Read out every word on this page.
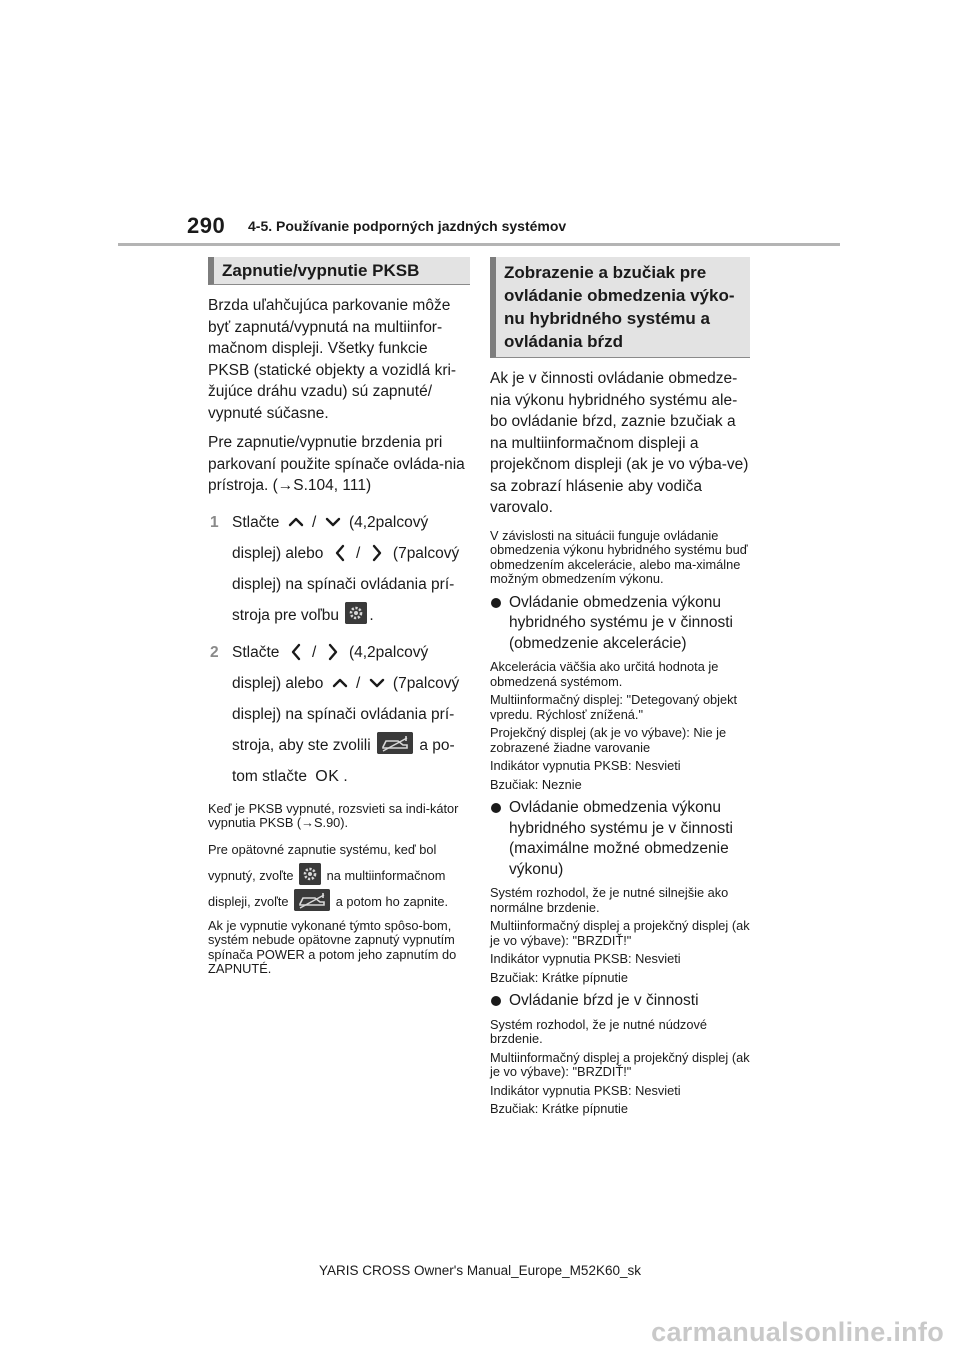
290 4-5. Používanie podporných jazdných systémov
Zapnutie/vypnutie PKSB

Brzda uľahčujúca parkovanie môže byť zapnutá/vypnutá na multiinfor-mačnom displeji. Všetky funkcie PKSB (statické objekty a vozidlá kri-žujúce dráhu vzadu) sú zapnuté/ vypnuté súčasne.

Pre zapnutie/vypnutie brzdenia pri parkovaní použite spínače ovláda-nia prístroja. (→S.104, 111)

1 Stlačte / (4,2palcový
displej) alebo / (7palcový
displej) na spínači ovládania prí-
stroja pre voľbu .
2 Stlačte / (4,2palcový
displej) alebo / (7palcový
displej) na spínači ovládania prí-
stroja, aby ste zvolili	a po-
tom stlačte OK .

Keď je PKSB vypnuté, rozsvieti sa indi-kátor vypnutia PKSB (→S.90).

Pre opätovné zapnutie systému, keď bol
vypnutý, zvoľte	na multiinformačnom
displeji, zvoľte	a potom ho zapnite.

Ak je vypnutie vykonané týmto spôso-bom, systém nebude opätovne zapnutý vypnutím spínača POWER a potom jeho zapnutím do ZAPNUTÉ.

Zobrazenie a bzučiak pre ovládanie obmedzenia výko-nu hybridného systému a ovládania bŕzd

Ak je v činnosti ovládanie obmedze-nia výkonu hybridného systému ale-bo ovládanie bŕzd, zaznie bzučiak a na multiinformačnom displeji a projekčnom displeji (ak je vo výba-ve) sa zobrazí hlásenie aby vodiča varovalo.

V závislosti na situácii funguje ovládanie obmedzenia výkonu hybridného systému buď obmedzením akcelerácie, alebo ma-ximálne možným obmedzením výkonu.

Ovládanie obmedzenia výkonu hybridného systému je v činnosti (obmedzenie akcelerácie)

Akcelerácia väčšia ako určitá hodnota je obmedzená systémom.

Multiinformačný displej: "Detegovaný objekt vpredu. Rýchlosť znížená."

Projekčný displej (ak je vo výbave): Nie je zobrazené žiadne varovanie

Indikátor vypnutia PKSB: Nesvieti

Bzučiak: Neznie

Ovládanie obmedzenia výkonu hybridného systému je v činnosti (maximálne možné obmedzenie výkonu)

Systém rozhodol, že je nutné silnejšie ako normálne brzdenie.

Multiinformačný displej a projekčný displej (ak je vo výbave): "BRZDIŤ!"

Indikátor vypnutia PKSB: Nesvieti

Bzučiak: Krátke pípnutie

Ovládanie bŕzd je v činnosti

Systém rozhodol, že je nutné núdzové brzdenie.

Multiinformačný displej a projekčný displej (ak je vo výbave): "BRZDIŤ!"

Indikátor vypnutia PKSB: Nesvieti

Bzučiak: Krátke pípnutie

YARIS CROSS Owner's Manual_Europe_M52K60_sk
carmanualsonline.info
